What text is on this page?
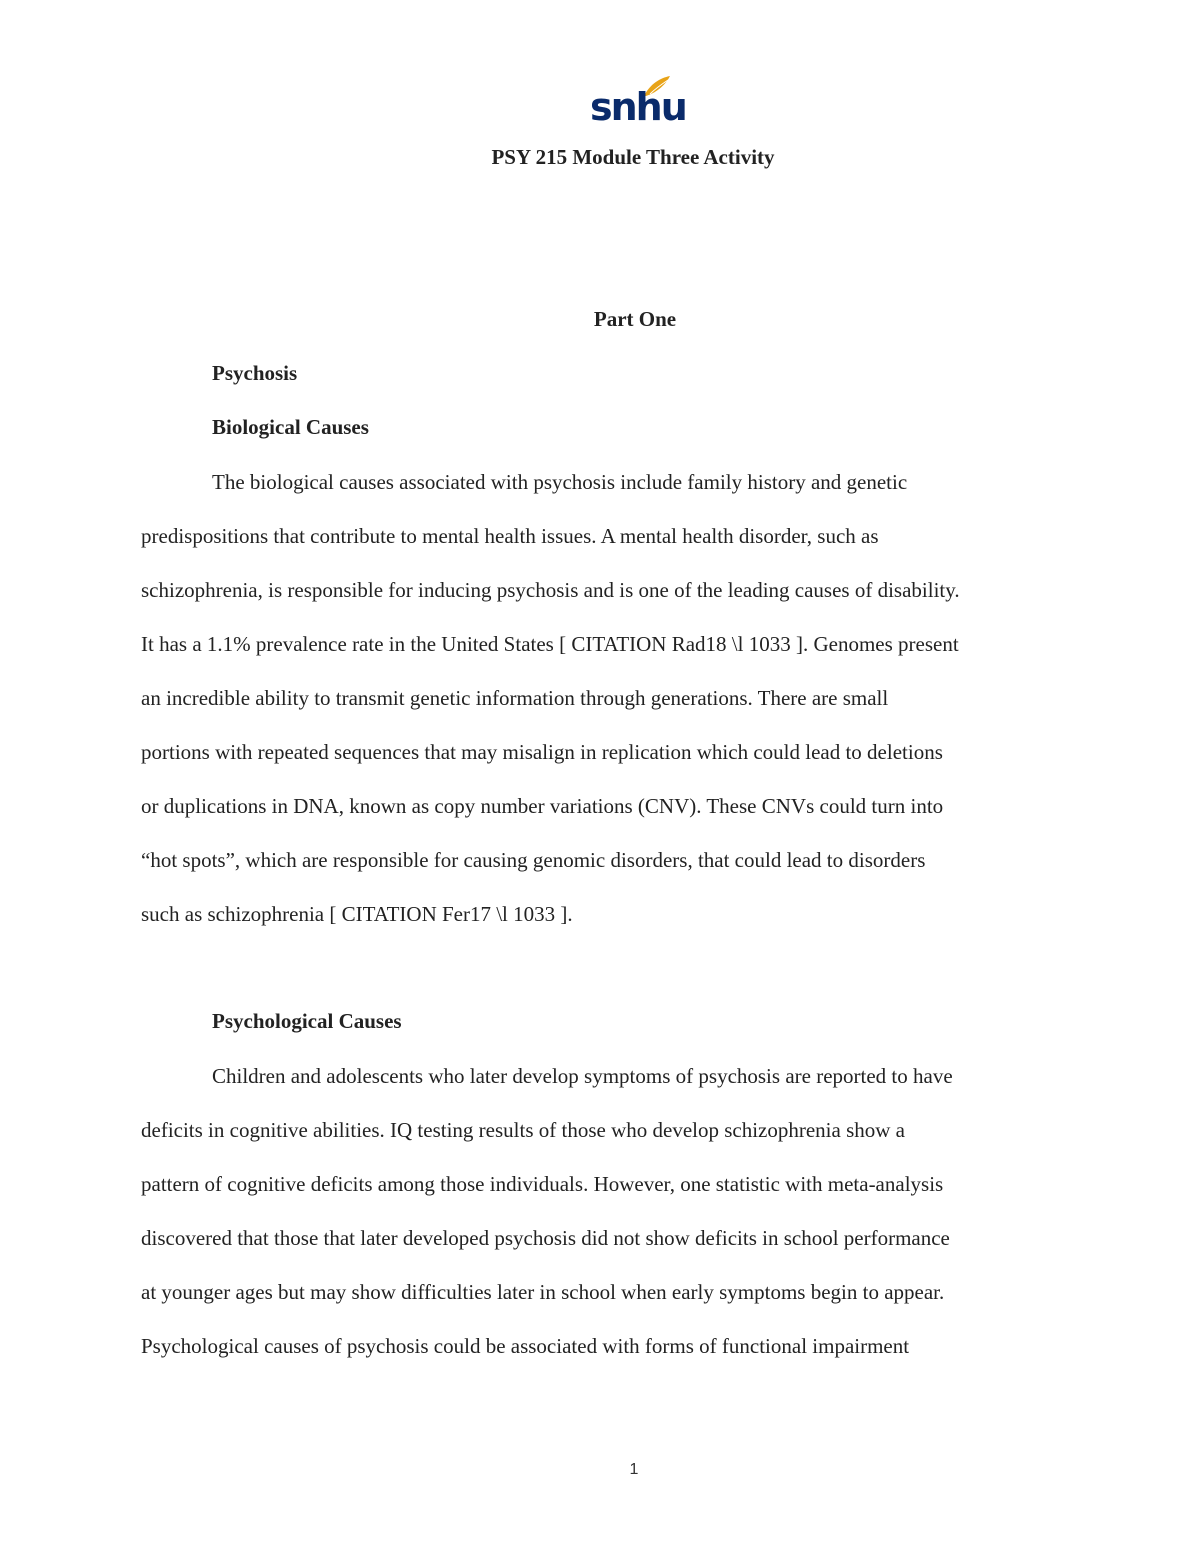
snhu
PSY 215 Module Three Activity
Part One
Psychosis
Biological Causes
The biological causes associated with psychosis include family history and genetic
predispositions that contribute to mental health issues. A mental health disorder, such as
schizophrenia, is responsible for inducing psychosis and is one of the leading causes of disability.
It has a 1.1% prevalence rate in the United States [ CITATION Rad18 \l 1033 ]. Genomes present
an incredible ability to transmit genetic information through generations. There are small
portions with repeated sequences that may misalign in replication which could lead to deletions
or duplications in DNA, known as copy number variations (CNV). These CNVs could turn into
“hot spots”, which are responsible for causing genomic disorders, that could lead to disorders
such as schizophrenia [ CITATION Fer17 \l 1033 ].
Psychological Causes
Children and adolescents who later develop symptoms of psychosis are reported to have
deficits in cognitive abilities. IQ testing results of those who develop schizophrenia show a
pattern of cognitive deficits among those individuals. However, one statistic with meta-analysis
discovered that those that later developed psychosis did not show deficits in school performance
at younger ages but may show difficulties later in school when early symptoms begin to appear.
Psychological causes of psychosis could be associated with forms of functional impairment
1
